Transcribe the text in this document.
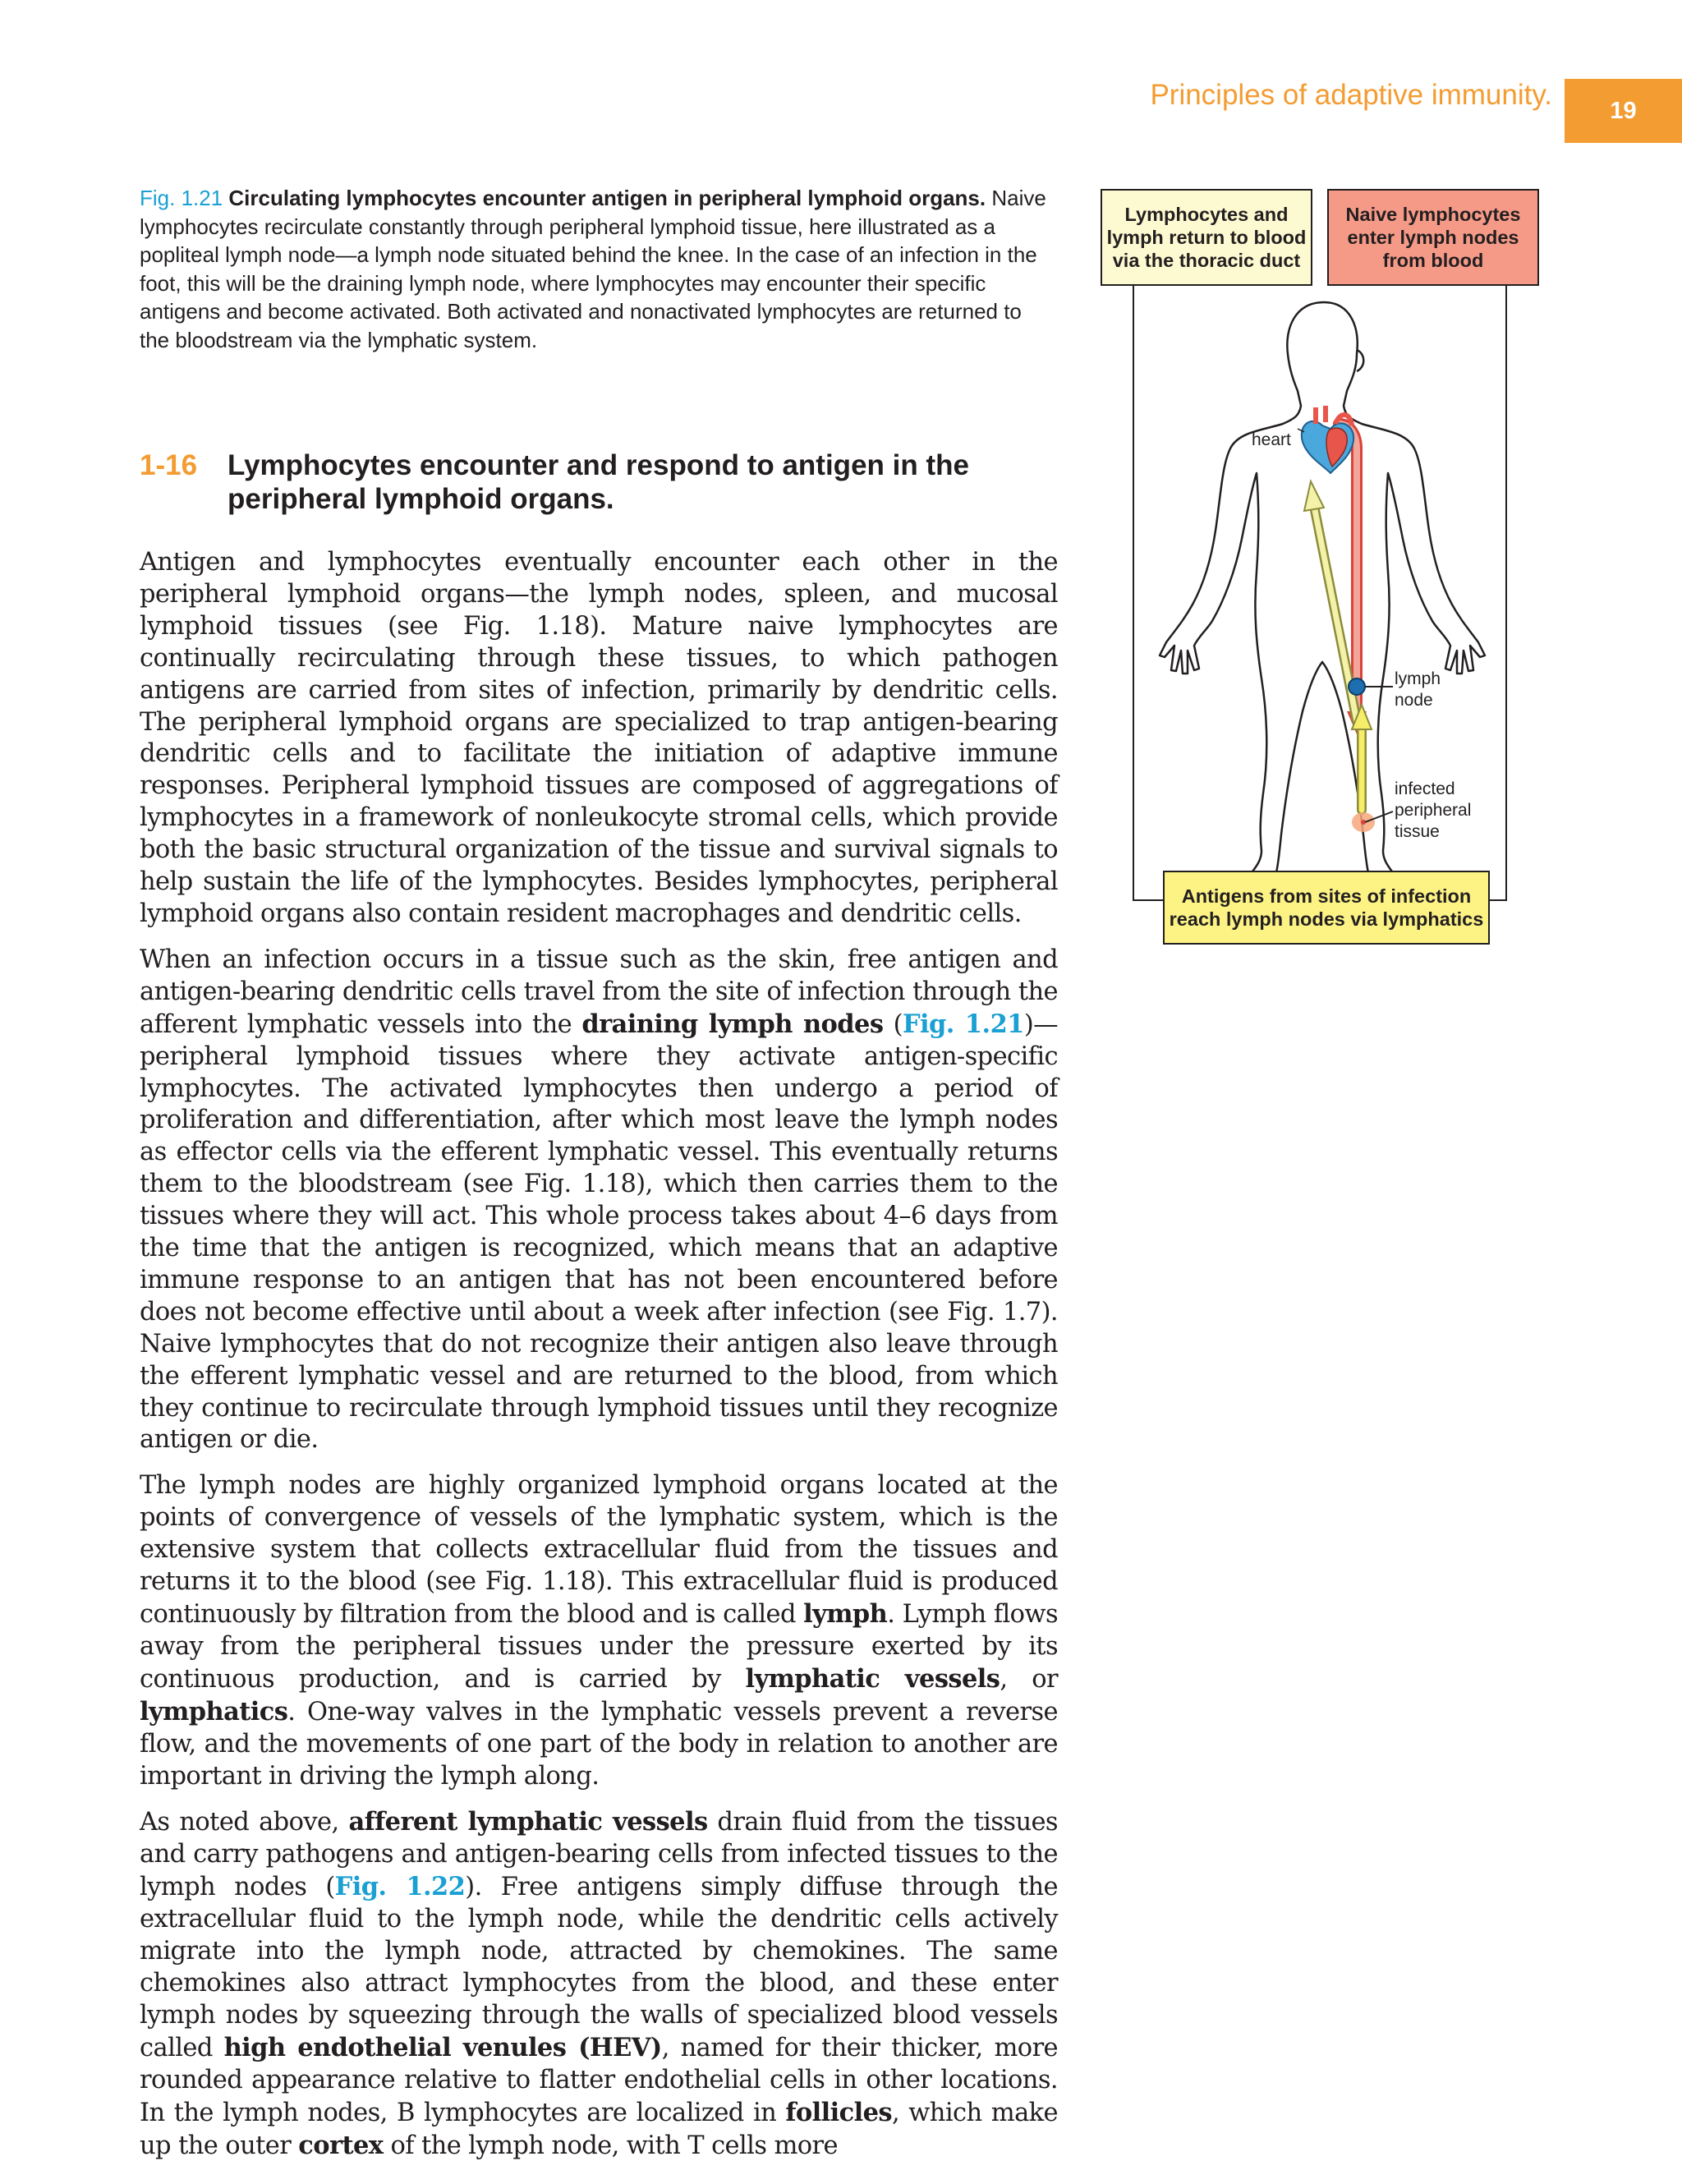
Principles of adaptive immunity.	19
Fig. 1.21 Circulating lymphocytes encounter antigen in peripheral lymphoid organs. Naive lymphocytes recirculate constantly through peripheral lymphoid tissue, here illustrated as a popliteal lymph node—a lymph node situated behind the knee. In the case of an infection in the foot, this will be the draining lymph node, where lymphocytes may encounter their specific antigens and become activated. Both activated and nonactivated lymphocytes are returned to the bloodstream via the lymphatic system.
1-16	Lymphocytes encounter and respond to antigen in the peripheral lymphoid organs.

Antigen and lymphocytes eventually encounter each other in the peripheral lymphoid organs—the lymph nodes, spleen, and mucosal lymphoid tissues (see Fig. 1.18). Mature naive lymphocytes are continually recirculating through these tissues, to which pathogen antigens are carried from sites of infection, primarily by dendritic cells. The peripheral lymphoid organs are specialized to trap antigen-bearing dendritic cells and to facilitate the initiation of adaptive immune responses. Peripheral lymphoid tissues are composed of aggregations of lymphocytes in a framework of nonleukocyte stromal cells, which provide both the basic structural organization of the tissue and survival signals to help sustain the life of the lymphocytes. Besides lymphocytes, peripheral lymphoid organs also contain resident macrophages and dendritic cells.

When an infection occurs in a tissue such as the skin, free antigen and antigen-bearing dendritic cells travel from the site of infection through the afferent lymphatic vessels into the draining lymph nodes (Fig. 1.21)—peripheral lymphoid tissues where they activate antigen-specific lymphocytes. The activated lymphocytes then undergo a period of proliferation and differentiation, after which most leave the lymph nodes as effector cells via the efferent lymphatic vessel. This eventually returns them to the bloodstream (see Fig. 1.18), which then carries them to the tissues where they will act. This whole process takes about 4–6 days from the time that the antigen is recognized, which means that an adaptive immune response to an antigen that has not been encountered before does not become effective until about a week after infection (see Fig. 1.7). Naive lymphocytes that do not recognize their antigen also leave through the efferent lymphatic vessel and are returned to the blood, from which they continue to recirculate through lymphoid tissues until they recognize antigen or die.

The lymph nodes are highly organized lymphoid organs located at the points of convergence of vessels of the lymphatic system, which is the extensive system that collects extracellular fluid from the tissues and returns it to the blood (see Fig. 1.18). This extracellular fluid is produced continuously by filtration from the blood and is called lymph. Lymph flows away from the peripheral tissues under the pressure exerted by its continuous production, and is carried by lymphatic vessels, or lymphatics. One-way valves in the lymphatic vessels prevent a reverse flow, and the movements of one part of the body in relation to another are important in driving the lymph along.

As noted above, afferent lymphatic vessels drain fluid from the tissues and carry pathogens and antigen-bearing cells from infected tissues to the lymph nodes (Fig. 1.22). Free antigens simply diffuse through the extracellular fluid to the lymph node, while the dendritic cells actively migrate into the lymph node, attracted by chemokines. The same chemokines also attract lymphocytes from the blood, and these enter lymph nodes by squeezing through the walls of specialized blood vessels called high endothelial venules (HEV), named for their thicker, more rounded appearance relative to flatter endothelial cells in other locations. In the lymph nodes, B lymphocytes are localized in follicles, which make up the outer cortex of the lymph node, with T cells more

Lymphocytes and lymph return to blood via the thoracic duct
Naive lymphocytes enter lymph nodes from blood
Antigens from sites of infection reach lymph nodes via lymphatics
heart
lymph node
infected peripheral tissue
